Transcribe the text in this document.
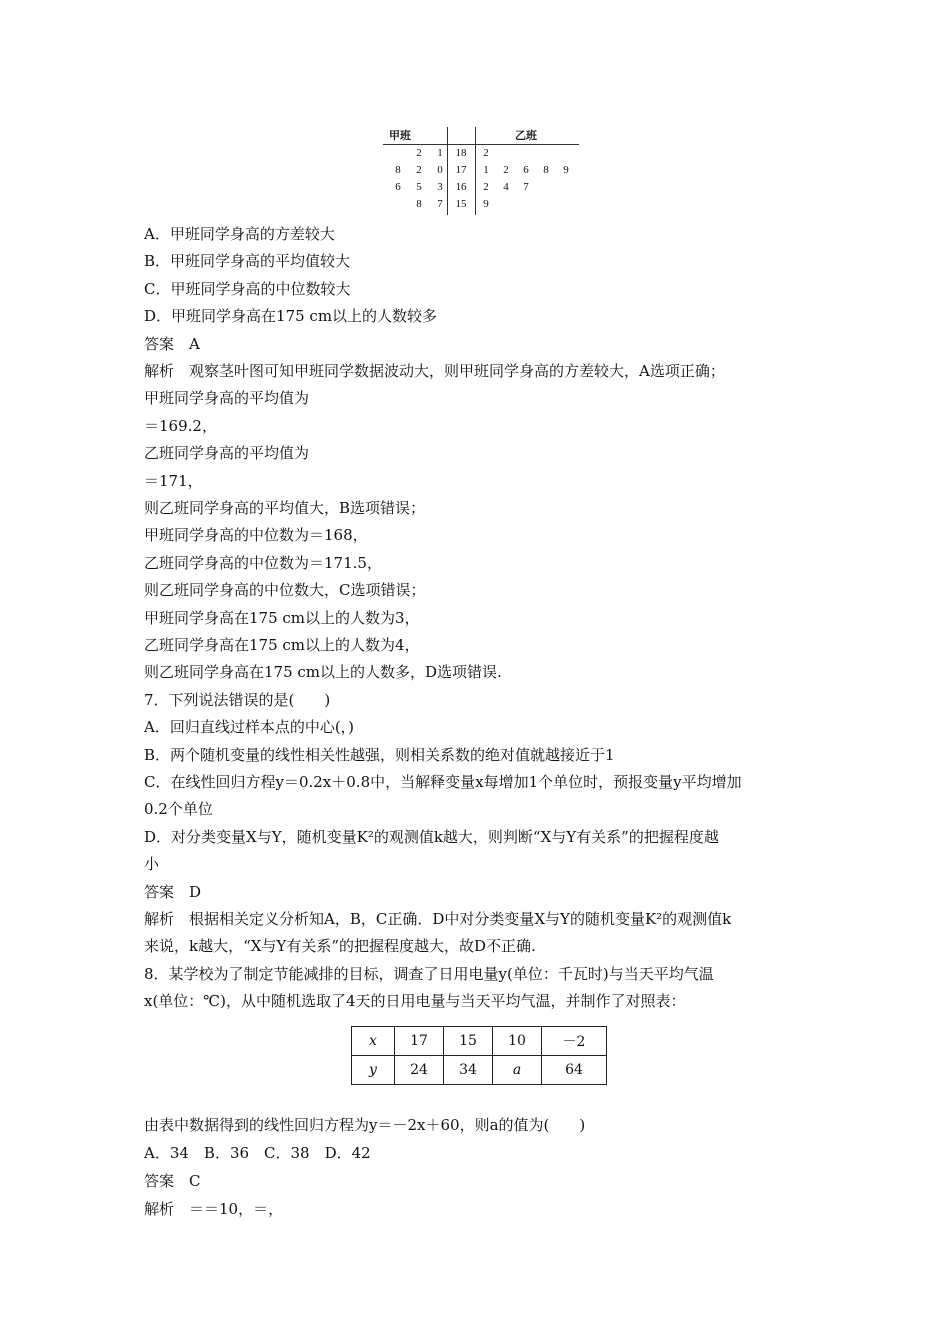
甲班	乙班
2	1	18	2
8	2	0	17	1	2	6	8	9
6	5	3	16	2	4	7
8	7	15	9
A．甲班同学身高的方差较大
B．甲班同学身高的平均值较大
C．甲班同学身高的中位数较大
D．甲班同学身高在175 cm以上的人数较多
答案　A
解析　观察茎叶图可知甲班同学数据波动大，则甲班同学身高的方差较大，A选项正确；
甲班同学身高的平均值为
＝169.2，
乙班同学身高的平均值为
＝171，
则乙班同学身高的平均值大，B选项错误；
甲班同学身高的中位数为＝168，
乙班同学身高的中位数为＝171.5，
则乙班同学身高的中位数大，C选项错误；
甲班同学身高在175 cm以上的人数为3，
乙班同学身高在175 cm以上的人数为4，
则乙班同学身高在175 cm以上的人数多，D选项错误.
7．下列说法错误的是(　　)
A．回归直线过样本点的中心(，)
B．两个随机变量的线性相关性越强，则相关系数的绝对值就越接近于1
C．在线性回归方程y＝0.2x＋0.8中，当解释变量x每增加1个单位时，预报变量y平均增加
0.2个单位
D．对分类变量X与Y，随机变量K²的观测值k越大，则判断“X与Y有关系”的把握程度越
小
答案　D
解析　根据相关定义分析知A，B，C正确．D中对分类变量X与Y的随机变量K²的观测值k
来说，k越大，“X与Y有关系”的把握程度越大，故D不正确.
8．某学校为了制定节能减排的目标，调查了日用电量y(单位：千瓦时)与当天平均气温
x(单位：℃)，从中随机选取了4天的日用电量与当天平均气温，并制作了对照表：
x	17	15	10	－2
y	24	34	a	64
由表中数据得到的线性回归方程为y＝－2x＋60，则a的值为(　　)
A．34　B．36　C．38　D．42
答案　C
解析　＝＝10，＝，
